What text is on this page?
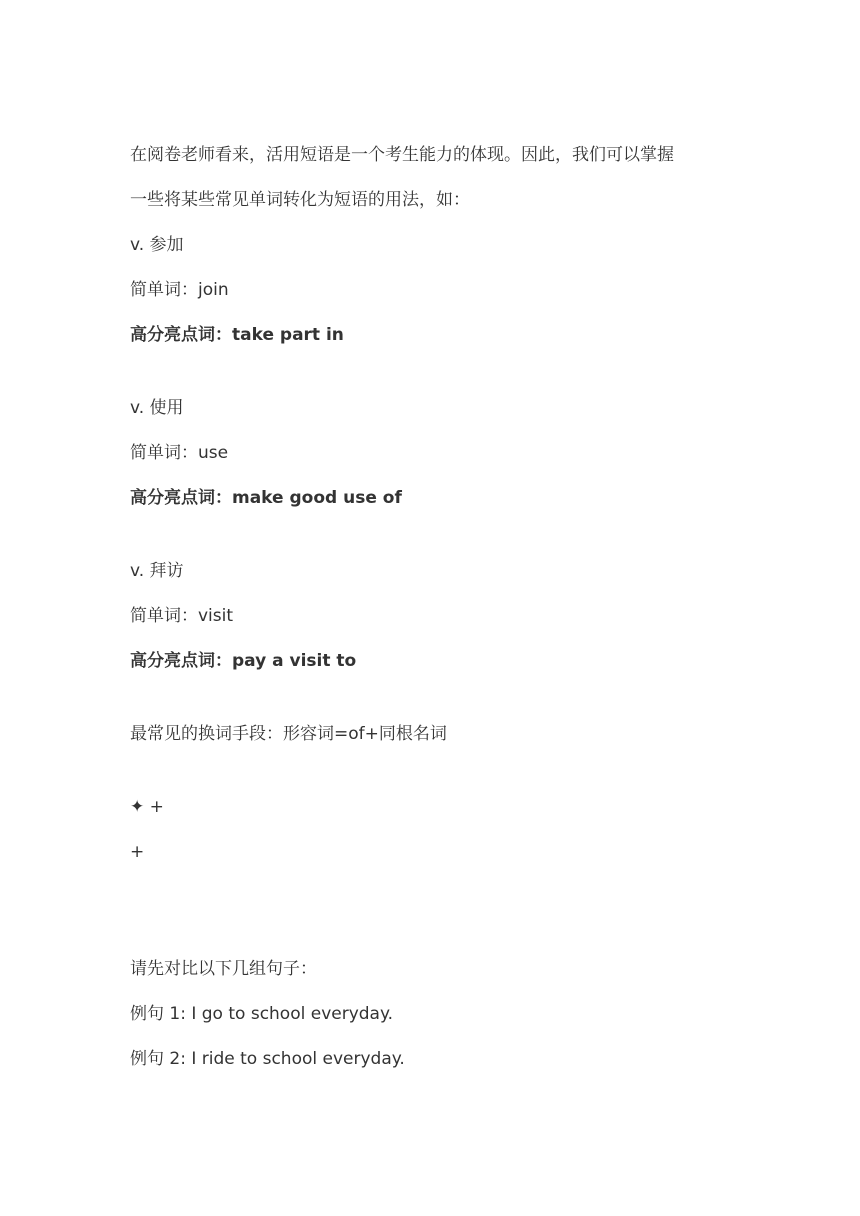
在阅卷老师看来，活用短语是一个考生能力的体现。因此，我们可以掌握
一些将某些常见单词转化为短语的用法，如：
v. 参加
简单词：join
高分亮点词：take part in
v. 使用
简单词：use
高分亮点词：make good use of
v. 拜访
简单词：visit
高分亮点词：pay a visit to
最常见的换词手段：形容词=of+同根名词
✦ +
+
请先对比以下几组句子：
例句 1: I go to school everyday.
例句 2: I ride to school everyday.
